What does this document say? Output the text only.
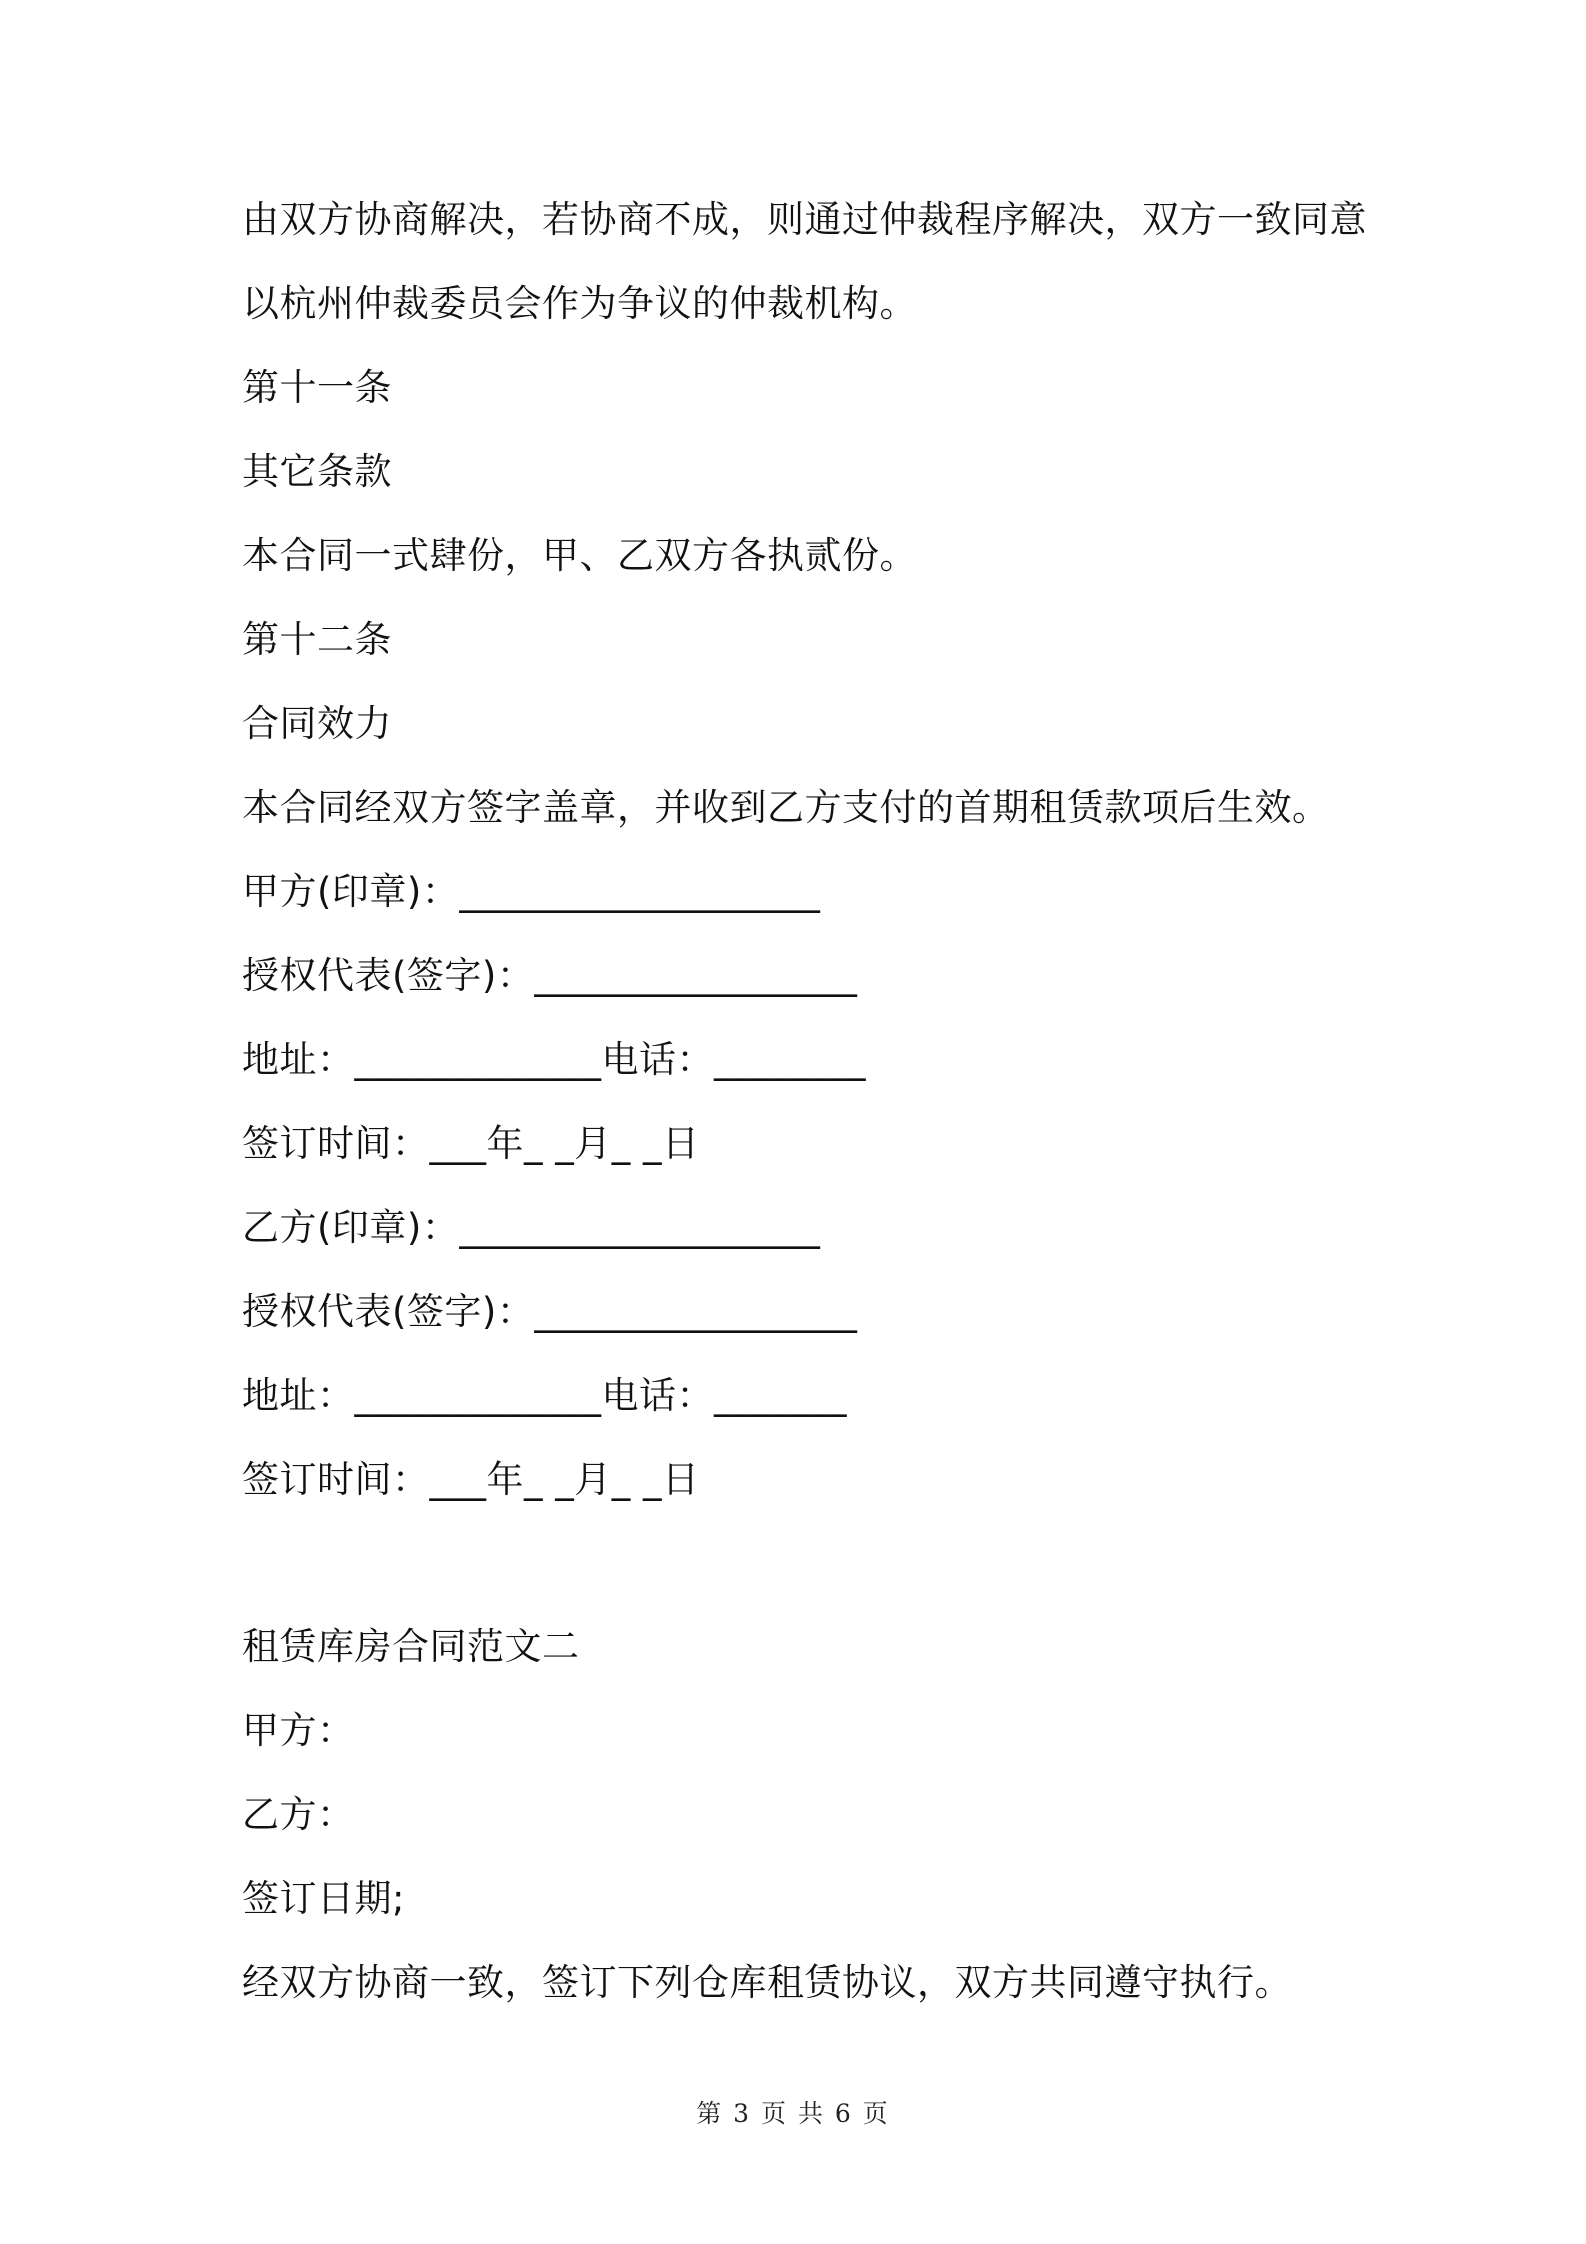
由双方协商解决，若协商不成，则通过仲裁程序解决，双方一致同意
以杭州仲裁委员会作为争议的仲裁机构。
第十一条
其它条款
本合同一式肆份，甲、乙双方各执贰份。
第十二条
合同效力
本合同经双方签字盖章，并收到乙方支付的首期租赁款项后生效。
甲方(印章)：___________________
授权代表(签字)：_________________
地址：_____________电话：________
签订时间：___年_ _月_ _日
乙方(印章)：___________________
授权代表(签字)：_________________
地址：_____________电话：_______
签订时间：___年_ _月_ _日
租赁库房合同范文二
甲方：
乙方：
签订日期;
经双方协商一致，签订下列仓库租赁协议，双方共同遵守执行。
第 3 页 共 6 页
